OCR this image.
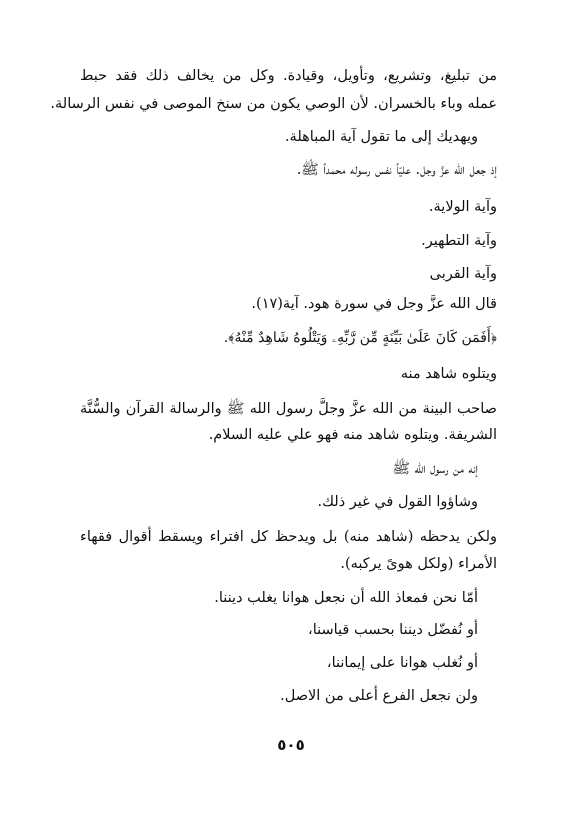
من تبليغ، وتشريع، وتأويل، وقيادة. وكل من يخالف ذلك فقد حبط
عمله وباء بالخسران. لأن الوصي يكون من سنخ الموصى في نفس الرسالة.
ويهديك إلى ما تقول آية المباهلة.
إذ جعل الله عزَّ وجل. عليّاً نفس رسوله محمداً ﷺ.
وآية الولاية.
وآية التطهير.
وآية القربى
قال الله عزَّ وجل في سورة هود. آية(١٧).
﴿أَفَمَن كَانَ عَلَىٰ بَيِّنَةٍ مِّن رَّبِّهِۦ وَيَتْلُوهُ شَاهِدٌ مِّنْهُ﴾.
ويتلوه شاهد منه
صاحب البينة من الله عزَّ وجلَّ رسول الله ﷺ والرسالة القرآن والسُّنَّة
الشريفة. ويتلوه شاهد منه فهو علي عليه السلام.
إنه من رسول الله ﷺ
وشاؤوا القول في غير ذلك.
ولكن يدحظه (شاهد منه) بل ويدحظ كل افتراء ويسقط أقوال فقهاء
الأمراء (ولكل هوىً يركبه).
أمّا نحن فمعاذ الله أن نجعل هوانا يغلب ديننا.
أو نُفضّل ديننا بحسب قياسنا،
أو نُغلب هوانا على إيماننا،
ولن نجعل الفرع أعلى من الاصل.
٥٠٥
